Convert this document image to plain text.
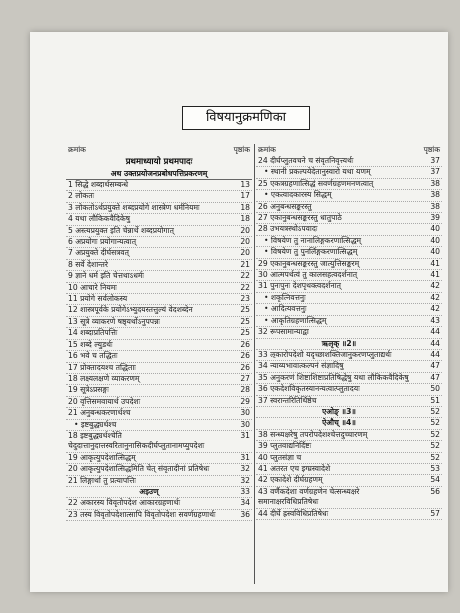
विषयानुक्रमणिका
क्रमांक	पृष्ठांक
प्रथमाध्यायाे प्रथमपादः
अथ उक्तप्रयोजनप्रबोधपत्तिप्रकरणम्
1 सिद्धे शब्दार्थसम्बन्धे	13
2 लोकतः	17
3 लोकतोऽर्थप्रयुक्ते शब्दप्रयोगे शास्त्रेण धर्मनियमः	18
4 यथा लौकिकवैदिकेषु	18
5 अस्त्यप्रयुक्त इति चेन्नार्थे शब्दप्रयोगात्	20
6 अप्रयोगः प्रयोगान्यत्वात्	20
7 अप्रयुक्ते दीर्घसत्रवत्	20
8 सर्वे देशान्तरे	21
9 ज्ञाने धर्म इति चेत्तथाऽधर्मः	22
10 आचारे नियमः	22
11 प्रयोगे सर्वलोकस्य	23
12 शास्त्रपूर्वके प्रयोगेऽभ्युदयस्तत्तुल्यं वेदशब्देन	25
13 सूत्रे व्याकरणे षष्ठ्यर्थोऽनुपपन्नः	25
14 शब्दाप्रतिपत्तिः	25
15 शब्दे ल्युडर्थः	26
16 भवे च तद्धितः	26
17 प्रोक्तादयश्च तद्धिताः	26
18 लक्ष्यलक्षणे व्याकरणम्	27
19 सूत्रेऽप्रसङ्गः	28
20 वृत्तिसमवायार्थ उपदेशः	29
21 अनुबन्धकरणार्थश्च	30
• इष्टबुद्ध्यर्थश्च	30
18 इष्टबुद्ध्यर्थश्चेति चेदुदात्तानुदात्तस्वरितानुनासिकदीर्घप्लुतानामप्युपदेशः
31
19 आकृत्युपदेशात्सिद्धम्	31
20 आकृत्युपदेशात्सिद्धमिति चेत् संवृतादीनां प्रतिषेधः	32
21 लिङ्गार्था तु प्रत्यापत्तिः	32
अइउण्	33
22 अकारस्य विवृतोपदेश आकारग्रहणार्थः	34
23 तस्य विवृतोपदेशात्सापि विवृतोपदेशः सवर्णग्रहणार्थः	36
क्रमांक	पृष्ठांक
24 दीर्घप्लुतवचने च संवृतनिवृत्त्यर्थः	37
• स्थानी प्रकल्पयेदेतानुस्वारो यथा यणम्	37
25 एकत्रग्रहणात्सिद्धं सवर्णग्रहणमनणत्वात्	38
• एकत्वादकारस्य सिद्धम्	38
26 अनुबन्धसङ्करस्तु	38
27 एकानुबन्धसङ्करस्तु धातुपाठे	39
28 उभयत्रस्थोऽपवादः	40
• विषयेण तु नानालिङ्गकरणात्सिद्धम्	40
• विषयेण तु पुनर्लिङ्गकरणात्सिद्धम्	40
29 एकानुबन्धसङ्करस्तु जात्युत्तिसङ्करम्	41
30 आत्मपर्थत्वं तु कालसहत्वदर्शनात्	41
31 पुनःपुनः देशपृथक्त्वदर्शनात्	42
• शकृत्निवत्तनुः	42
• आदित्यवत्तनुः	42
• आकृतिग्रहणात्सिद्धम्	43
32 रूपसामान्याद्वा	44
ऋलृक् ॥2॥	44
33 ऌकारोपदेशो यदृच्छाशक्तिजानुकरणप्लुताद्यर्थः	44
34 न्याय्यभावात्कल्पनं संज्ञादिषु	47
35 अनुकरणं शिष्टाशिष्टाप्रतिषिद्धेषु यथा लौकिकवैदिकेषु	47
36 एकदेशविकृतस्यानन्यत्वात्प्लुतादयः	50
37 स्वरान्तरितिर्थिष्ठेच	51
एओङ् ॥3॥	52
ऐऔच् ॥4॥	52
38 सन्ध्यक्षरेषु तपरोपदेशश्चेत्तदुच्चारणम्	52
39 प्लुतवाद्यनिर्दिष्टः	52
40 प्लुतसंज्ञा च	52
41 अतरत एच इग्घ्रस्वादेशे	53
42 एकादेशे दीर्घग्रहणम्	54
43 वर्णैकदेशा वर्णग्रहणेन चेत्सन्ध्यक्षरे समानाक्षरविधिप्रतिषेधः
56
44 दीर्घे ह्रस्वविधिप्रतिषेधः	57
